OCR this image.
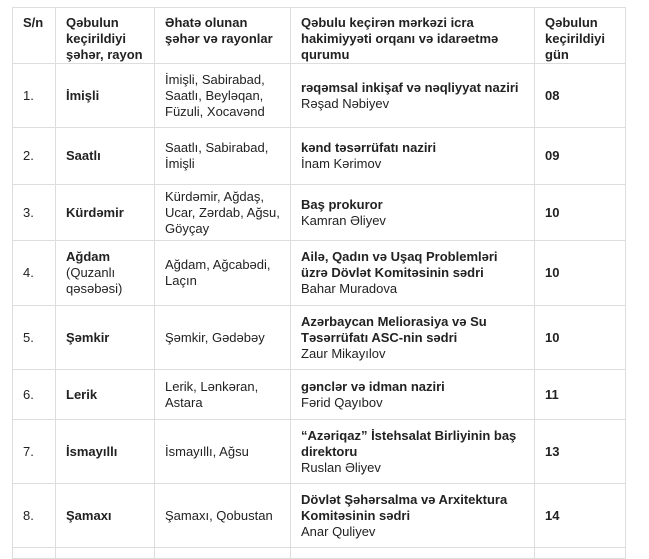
S/n	Qəbulun keçirildiyi şəhər, rayon	Əhatə olunan şəhər və rayonlar	Qəbulu keçirən mərkəzi icra hakimiyyəti orqanı və idarəetmə qurumu	Qəbulun keçirildiyi gün
1.	İmişli	İmişli, Sabirabad, Saatlı, Beyləqan, Füzuli, Xocavənd	rəqəmsal inkişaf və nəqliyyat naziri
Rəşad Nəbiyev	08
2.	Saatlı	Saatlı, Sabirabad, İmişli	kənd təsərrüfatı naziri
İnam Kərimov	09
3.	Kürdəmir	Kürdəmir, Ağdaş, Ucar, Zərdab, Ağsu, Göyçay	Baş prokuror
Kamran Əliyev	10
4.	Ağdam
(Quzanlı qəsəbəsi)	Ağdam, Ağcabədi, Laçın	Ailə, Qadın və Uşaq Problemləri üzrə Dövlət Komitəsinin sədri
Bahar Muradova	10
5.	Şəmkir	Şəmkir, Gədəbəy	Azərbaycan Meliorasiya və Su Təsərrüfatı ASC-nin sədri
Zaur Mikayılov	10
6.	Lerik	Lerik, Lənkəran, Astara	gənclər və idman naziri
Fərid Qayıbov	11
7.	İsmayıllı	İsmayıllı, Ağsu	“Azəriqaz” İstehsalat Birliyinin baş direktoru
Ruslan Əliyev	13
8.	Şamaxı	Şamaxı, Qobustan	Dövlət Şəhərsalma və Arxitektura Komitəsinin sədri
Anar Quliyev	14
